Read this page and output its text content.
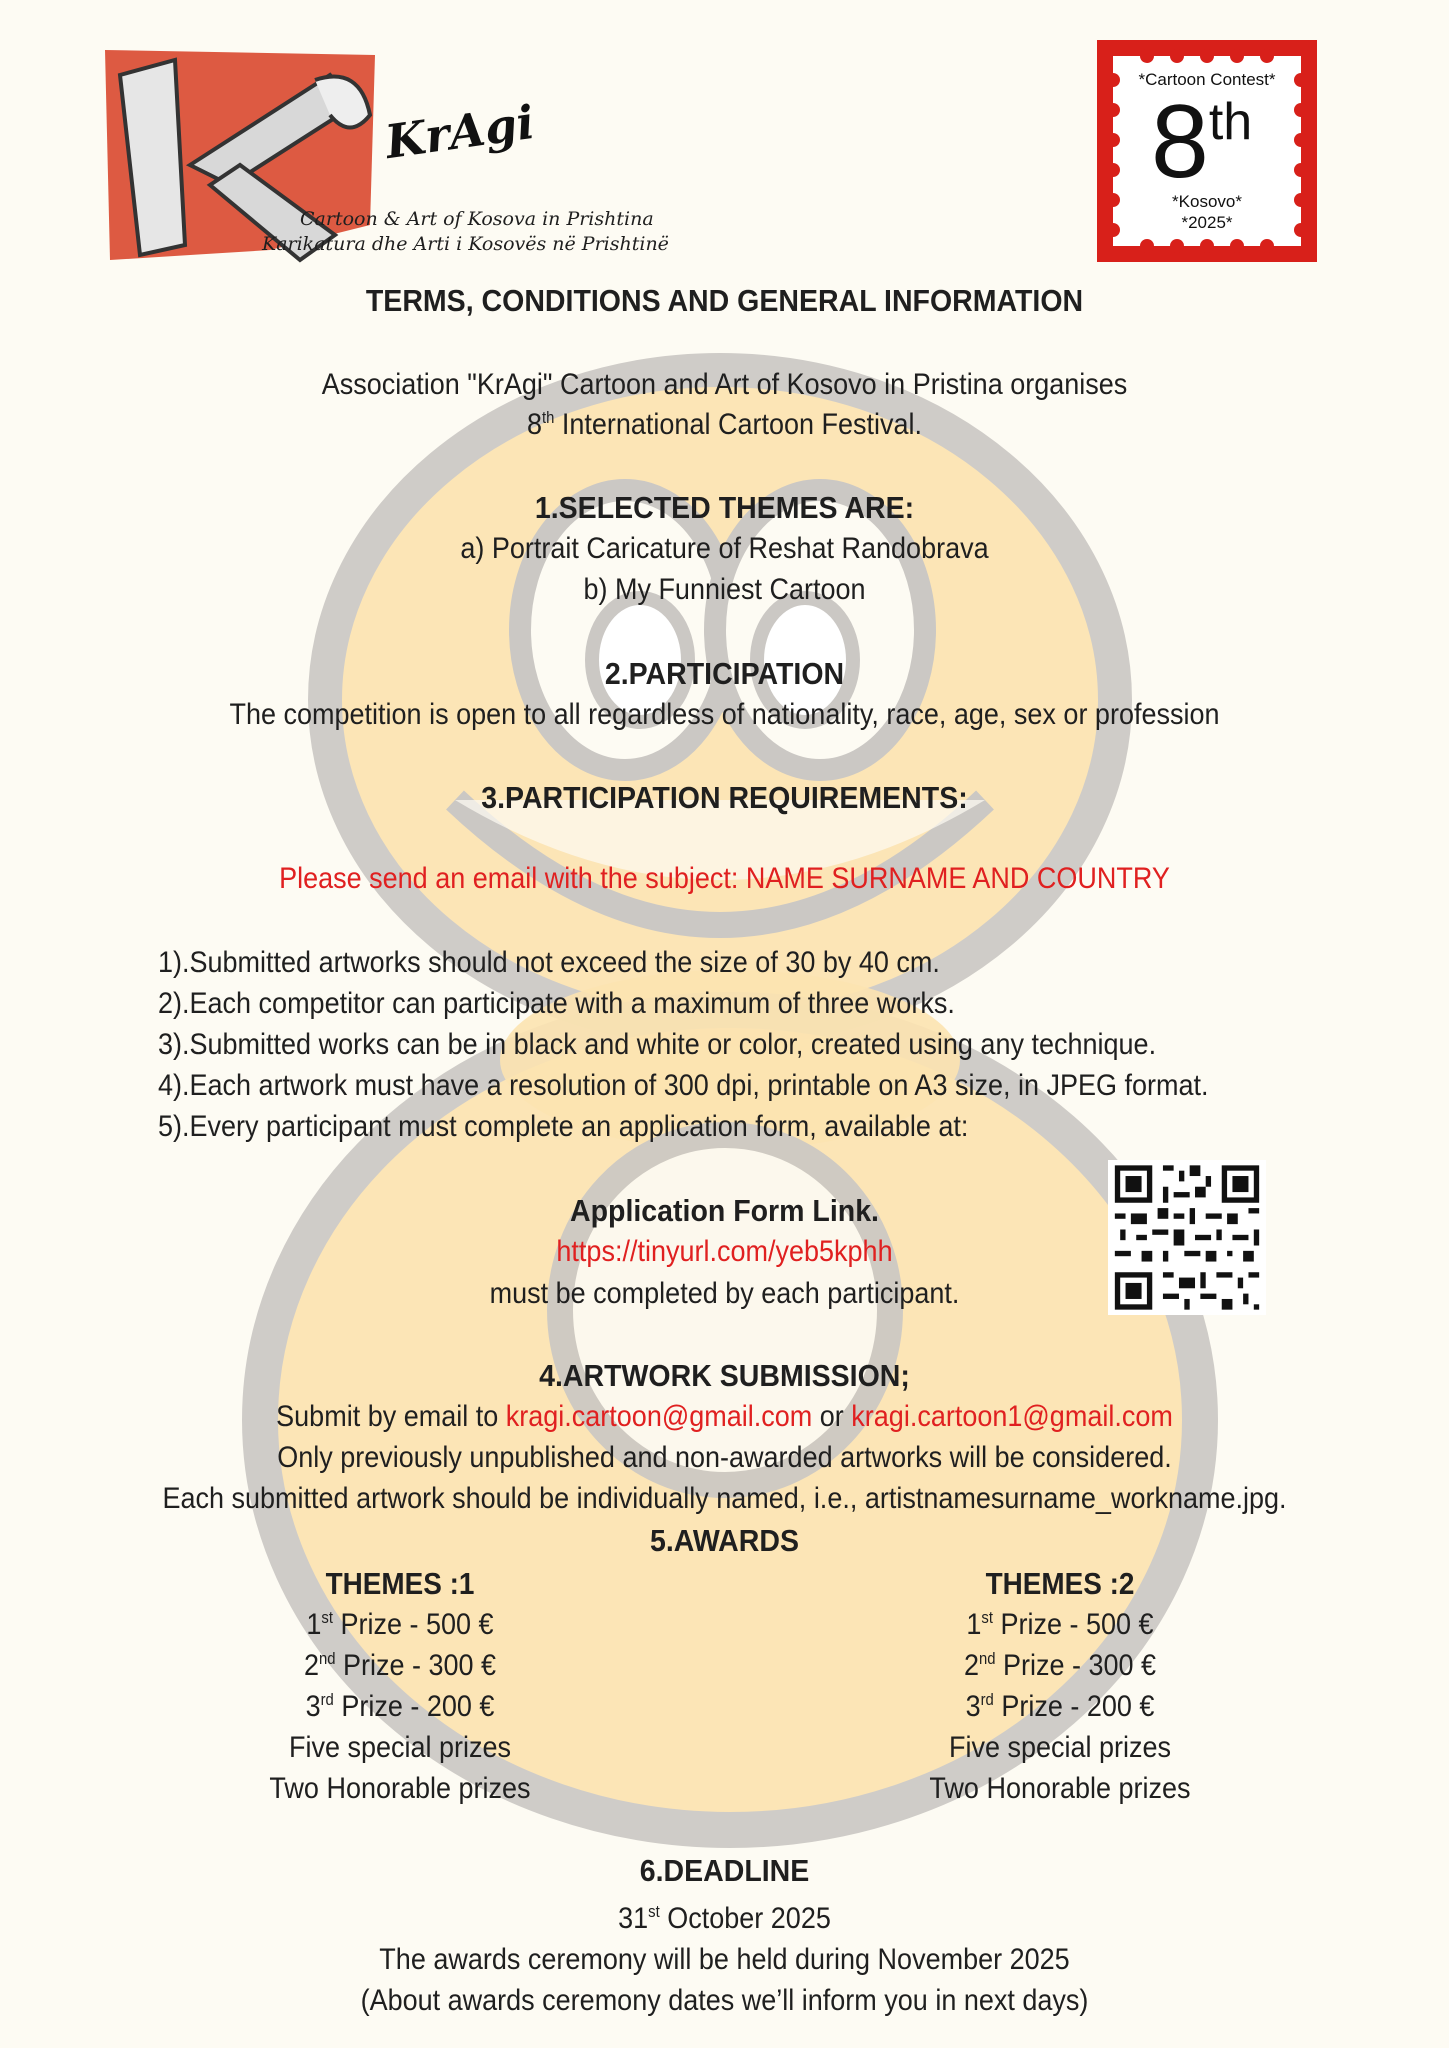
KrAgi
Cartoon & Art of Kosova in Prishtina
Karikatura dhe Arti i Kosovës në Prishtinë
*Cartoon Contest*
8th
*Kosovo*
*2025*
TERMS, CONDITIONS AND GENERAL INFORMATION
Association "KrAgi" Cartoon and Art of Kosovo in Pristina organises
8th International Cartoon Festival.
1.SELECTED THEMES ARE:
a) Portrait Caricature of Reshat Randobrava
b) My Funniest Cartoon
2.PARTICIPATION
The competition is open to all regardless of nationality, race, age, sex or profession
3.PARTICIPATION REQUIREMENTS:
Please send an email with the subject: NAME SURNAME AND COUNTRY
1).Submitted artworks should not exceed the size of 30 by 40 cm.
2).Each competitor can participate with a maximum of three works.
3).Submitted works can be in black and white or color, created using any technique.
4).Each artwork must have a resolution of 300 dpi, printable on A3 size, in JPEG format.
5).Every participant must complete an application form, available at:
Application Form Link.
https://tinyurl.com/yeb5kphh
must be completed by each participant.
4.ARTWORK SUBMISSION;
Submit by email to kragi.cartoon@gmail.com or kragi.cartoon1@gmail.com
Only previously unpublished and non-awarded artworks will be considered.
Each submitted artwork should be individually named, i.e., artistnamesurname_workname.jpg.
5.AWARDS
THEMES :1
1st Prize - 500 €
2nd Prize - 300 €
3rd Prize - 200 €
Five special prizes
Two Honorable prizes
THEMES :2
1st Prize - 500 €
2nd Prize - 300 €
3rd Prize - 200 €
Five special prizes
Two Honorable prizes
6.DEADLINE
31st October 2025
The awards ceremony will be held during November 2025
(About awards ceremony dates we’ll inform you in next days)
